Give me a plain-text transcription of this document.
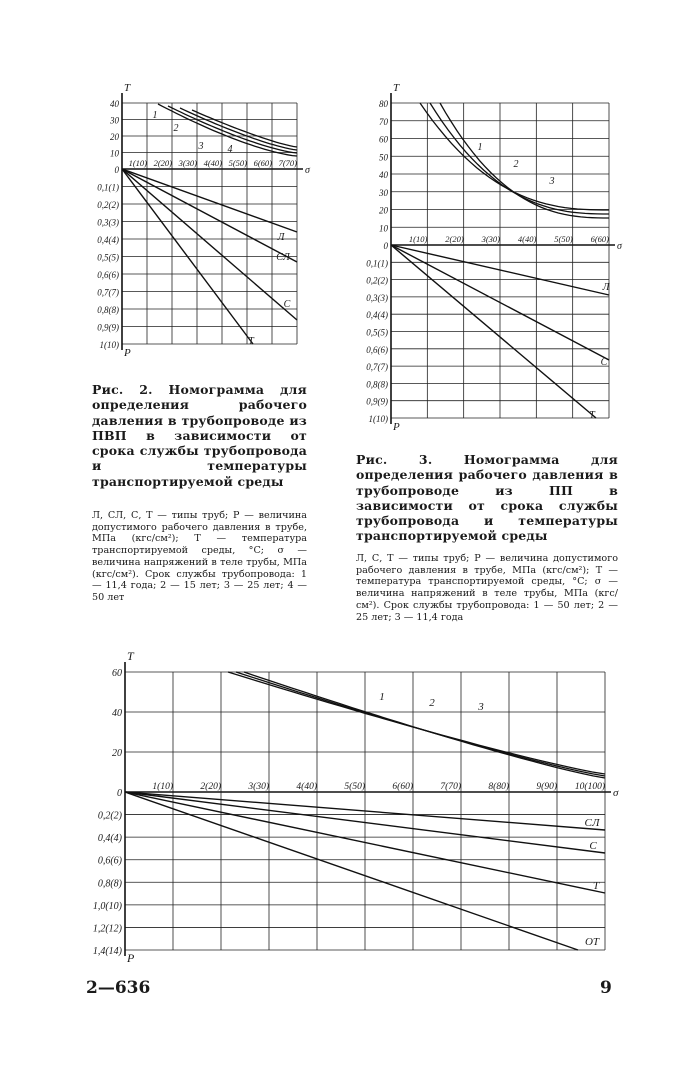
T
P
σ
40
30
20
10
0
0,1(1)
0,2(2)
0,3(3)
0,4(4)
0,5(5)
0,6(6)
0,7(7)
0,8(8)
0,9(9)
1(10)
1(10) 2(20) 3(30) 4(40) 5(50) 6(60) 7(70)
1
2
3 4
Л
СЛ
С
Т
T
P
σ
80
70
60
50
40
30
20
10
0
0,1(1)
0,2(2)
0,3(3)
0,4(4)
0,5(5)
0,6(6)
0,7(7)
0,8(8)
0,9(9)
1(10)
1(10) 2(20) 3(30) 4(40) 5(50) 6(60)
1
2
3
Л
С
Т

Рис. 2. Номограмма для определения рабочего давления в трубопроводе из ПВП в зависимости от срока службы трубопровода и температуры транспортируемой среды

Л, СЛ, С, Т — типы труб; P — величина допустимого рабочего давления в трубе, МПа (кгс/см²); T — температура транспортируемой среды, °С; σ — величина напряжений в теле трубы, МПа (кгс/см²). Срок службы трубопровода: 1 — 11,4 года; 2 — 15 лет; 3 — 25 лет; 4 — 50 лет

Рис. 3. Номограмма для определения рабочего давления в трубопроводе из ПП в зависимости от срока службы трубопровода и температуры транспортируемой среды

Л, С, Т — типы труб; P — величина допустимого рабочего давления в трубе, МПа (кгс/см²); T — температура транспортируемой среды, °С; σ — величина напряжений в теле трубы, МПа (кгс/см²). Срок службы трубопровода: 1 — 50 лет; 2 — 25 лет; 3 — 11,4 года

T
P
σ
60
40
20
0
0,2(2)
0,4(4)
0,6(6)
0,8(8)
1,0(10)
1,2(12)
1,4(14)
1(10)	2(20)	3(30)	4(40)	5(50)	6(60)	7(70)	8(80)	9(90) 10(100)
1	2	3
СЛ
С
Т
ОТ
2—636	9
